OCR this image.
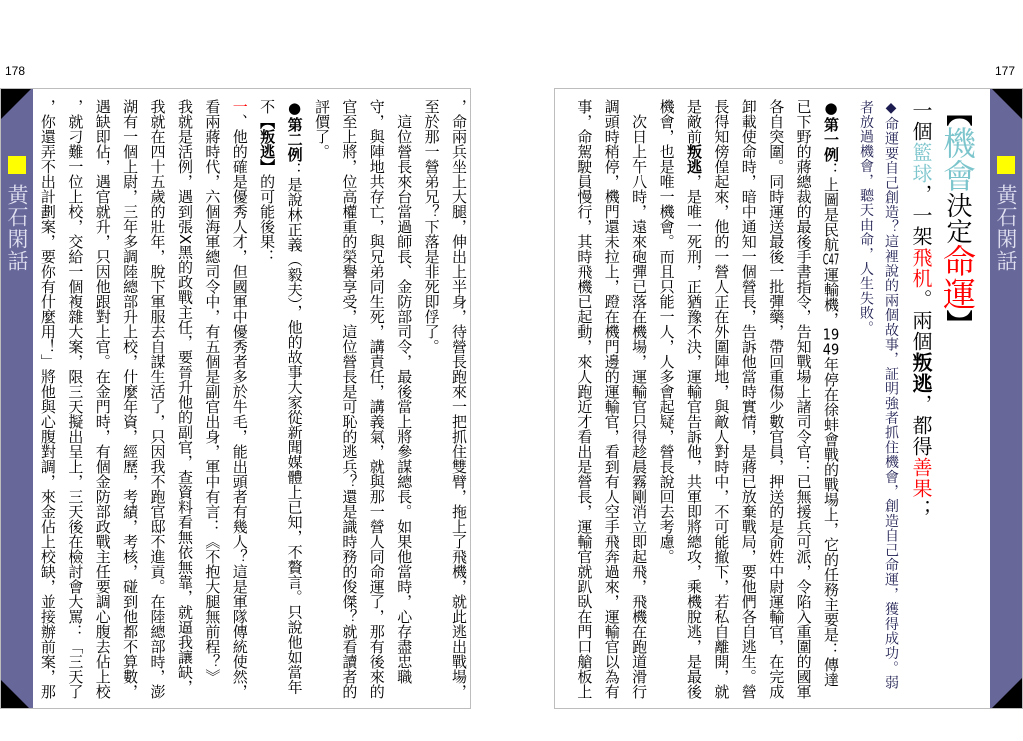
178
黃石閑話	，命兩兵坐上大腿，伸出上半身，待營長跑來一把抓住雙臂，拖上了飛機，就此逃出戰場，
至於那一營弟兄？下落是非死即俘了。
這位營長來台當過師長、金防部司令，最後當上將參謀總長。如果他當時，心存盡忠職
守，與陣地共存亡，與兄弟同生死，講責任，講義氣，就與那一營人同命運了，那有後來的
官至上將，位高權重的榮譽享受，這位營長是可恥的逃兵？還是識時務的俊傑？就看讀者的
評價了。
●第二例：是說林正義（毅夫），他的故事大家從新聞媒體上已知，不贅言。只說他如當年
不【叛逃】的可能後果：
一、他的確是優秀人才，但國軍中優秀者多於牛毛，能出頭者有幾人？這是軍隊傳統使然，
看兩蔣時代，六個海軍總司令中，有五個是副官出身，軍中有言：《不抱大腿無前程？》
我就是活例，遇到張X黑的政戰主任，要晉升他的副官，查資料看無依無靠，就逼我讓缺，
我就在四十五歲的壯年，脫下軍服去自謀生活了，只因我不跑官邸不進貢。在陸總部時，澎
湖有一個上尉，三年多調陸總部升上校，什麼年資，經歷，考績，考核，碰到他都不算數，
遇缺即佔，遇官就升，只因他跟對上官。在金門時，有個金防部政戰主任要調心腹去佔上校
，就刁難一位上校，交給一個複雜大案，限三天擬出呈上，三天後在檢討會大罵：「三天了
，你還弄不出計劃案，要你有什麼用！」將他與心腹對調，來金佔上校缺，並接辦前案，那
177
黃石閑話
【機會決定命運】
一個籃球，一架飛机。兩個叛逃，都得善果；
◆命運要自己創造？這裡說的兩個故事，証明強者抓住機會，創造自己命運，獲得成功。弱
者放過機會，聽天由命，人生失敗。
●第一例：上圖是民航C47運輸機，1949年停在徐蚌會戰的戰場上，它的任務主要是：傳達
已下野的蔣總裁的最後手書指令，告知戰場上諸司令官：已無援兵可派，令陷入重圍的國軍
各自突圍。同時運送最後一批彈藥，帶回重傷少數官員，押送的是俞姓中尉運輸官，在完成
卸載使命時，暗中通知一個營長，告訴他當時實情，是蔣已放棄戰局，要他們各自逃生。營
長得知傍偟起來，他的一營人正在外圍陣地，與敵人對時中，不可能撤下，若私自離開，就
是敵前叛逃，是唯一死刑，正猶豫不決，運輸官告訴他，共軍即將總攻，乘機脫逃，是最後
機會，也是唯一機會。而且只能一人，人多會起疑，營長說回去考慮。
次日上午八時，遠來砲彈已落在機場，運輸官只得趁晨霧剛消立即起飛，飛機在跑道滑行
調頭時稍停，機門還未拉上，蹬在機門邊的運輸官，看到有人空手飛奔過來，運輸官以為有
事，命駕駛員慢行，其時飛機已起動，來人跑近才看出是營長，運輸官就趴臥在門口艙板上
